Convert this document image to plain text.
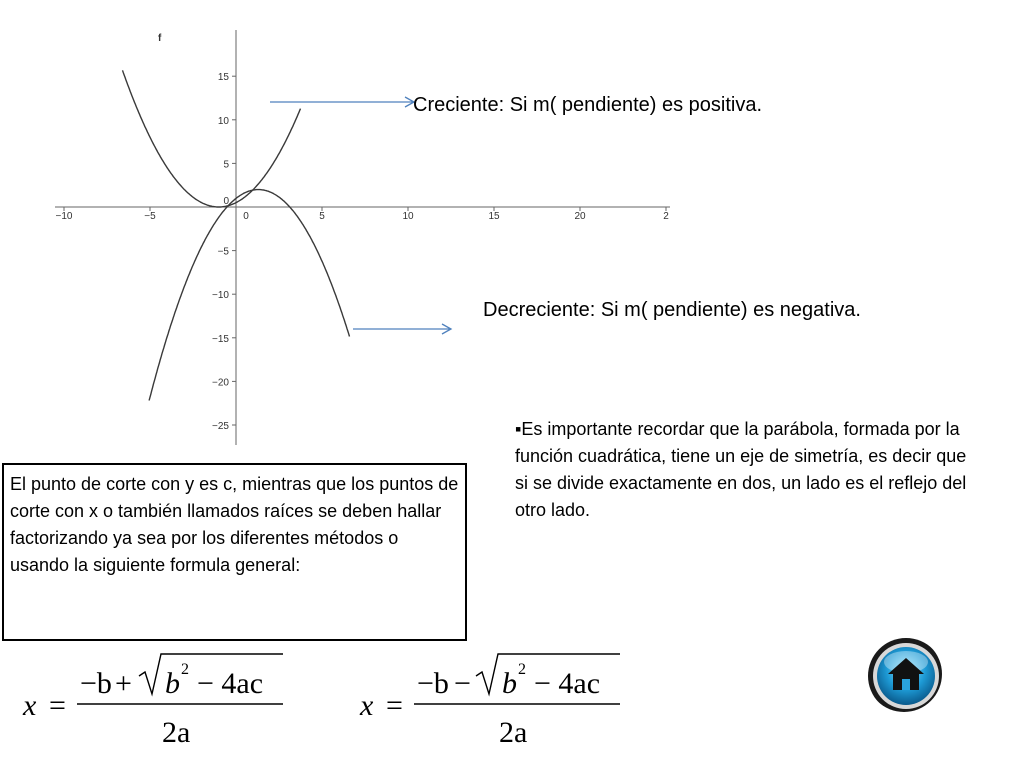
−10	−5	0	5	10	15	20	2
15
10
5
−5
−10
−15
−20
−25
0
f
Creciente: Si m( pendiente) es positiva.
Decreciente: Si m( pendiente) es negativa.
▪Es importante recordar que la parábola, formada por la función cuadrática, tiene un eje de simetría, es decir que si se divide exactamente en dos, un lado es el reflejo del otro lado.
El punto de corte con y es c, mientras que los puntos de corte con x o también llamados raíces se deben hallar factorizando ya sea por los diferentes métodos o usando la siguiente formula general:
x =
−b + b 2 − 4ac
2a
x =
−b − b 2 − 4ac
2a
